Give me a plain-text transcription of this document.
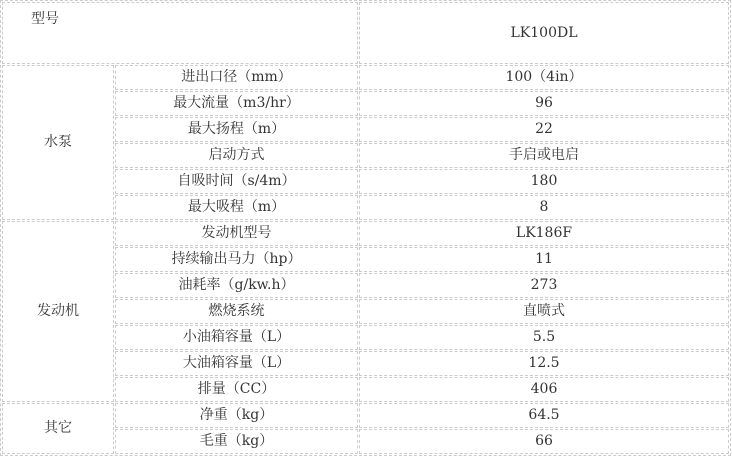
型号		LK100DL
水泵	进出口径（mm）	100（4in）
	最大流量（m3/hr）	96
	最大扬程（m）	22
	启动方式	手启或电启
	自吸时间（s/4m）	180
	最大吸程（m）	8
发动机	发动机型号	LK186F
	持续输出马力（hp）	11
	油耗率（g/kw.h）	273
	燃烧系统	直喷式
	小油箱容量（L）	5.5
	大油箱容量（L）	12.5
	排量（CC）	406
其它	净重（kg）	64.5
	毛重（kg）	66
